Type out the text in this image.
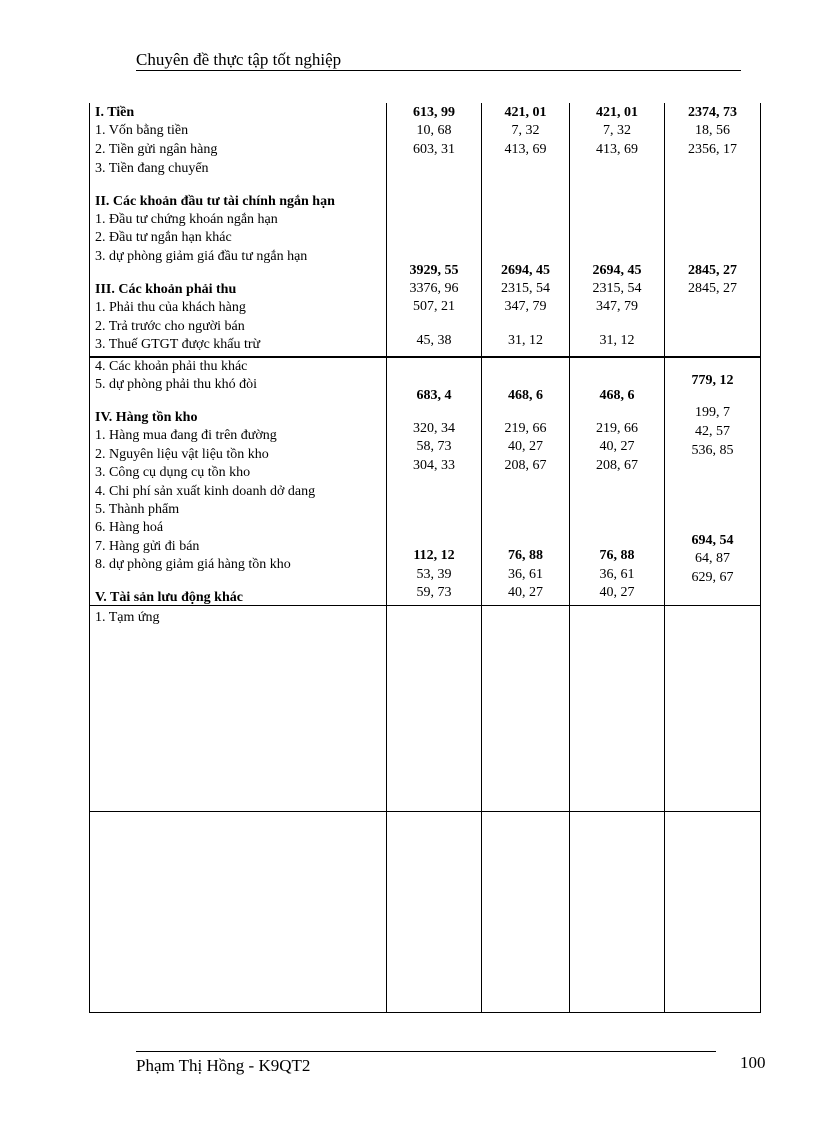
Chuyên đề thực tập tốt nghiệp
I. Tiền
1. Vốn bằng tiền
2. Tiền gửi ngân hàng
3. Tiền đang chuyển
II. Các khoản đầu tư tài chính ngắn hạn
1. Đầu tư chứng khoán ngắn hạn
2. Đầu tư ngắn hạn khác
3. dự phòng giảm giá đầu tư ngắn hạn
III. Các khoản phải thu
1. Phải thu của khách hàng
2. Trả trước cho người bán
3. Thuế GTGT được khấu trừ
613, 99
10, 68
603, 31
3929, 55
3376, 96
507, 21
45, 38
421, 01
7, 32
413, 69
2694, 45
2315, 54
347, 79
31, 12
421, 01
7, 32
413, 69
2694, 45
2315, 54
347, 79
31, 12
2374, 73
18, 56
2356, 17
2845, 27
2845, 27
4. Các khoản phải thu khác
5. dự phòng phải thu khó đòi
IV. Hàng tồn kho
1. Hàng mua đang đi trên đường
2. Nguyên liệu vật liệu tồn kho
3. Công cụ dụng cụ tồn kho
4. Chi phí sản xuất kinh doanh dở dang
5. Thành phẩm
6. Hàng hoá
7. Hàng gửi đi bán
8. dự phòng giảm giá hàng tồn kho
V. Tài sản lưu động khác
683, 4
320, 34
58, 73
304, 33
112, 12
53, 39
59, 73
468, 6
219, 66
40, 27
208, 67
76, 88
36, 61
40, 27
468, 6
219, 66
40, 27
208, 67
76, 88
36, 61
40, 27
779, 12
199, 7
42, 57
536, 85
694, 54
64, 87
629, 67
1. Tạm ứng
Phạm Thị Hồng - K9QT2	100
